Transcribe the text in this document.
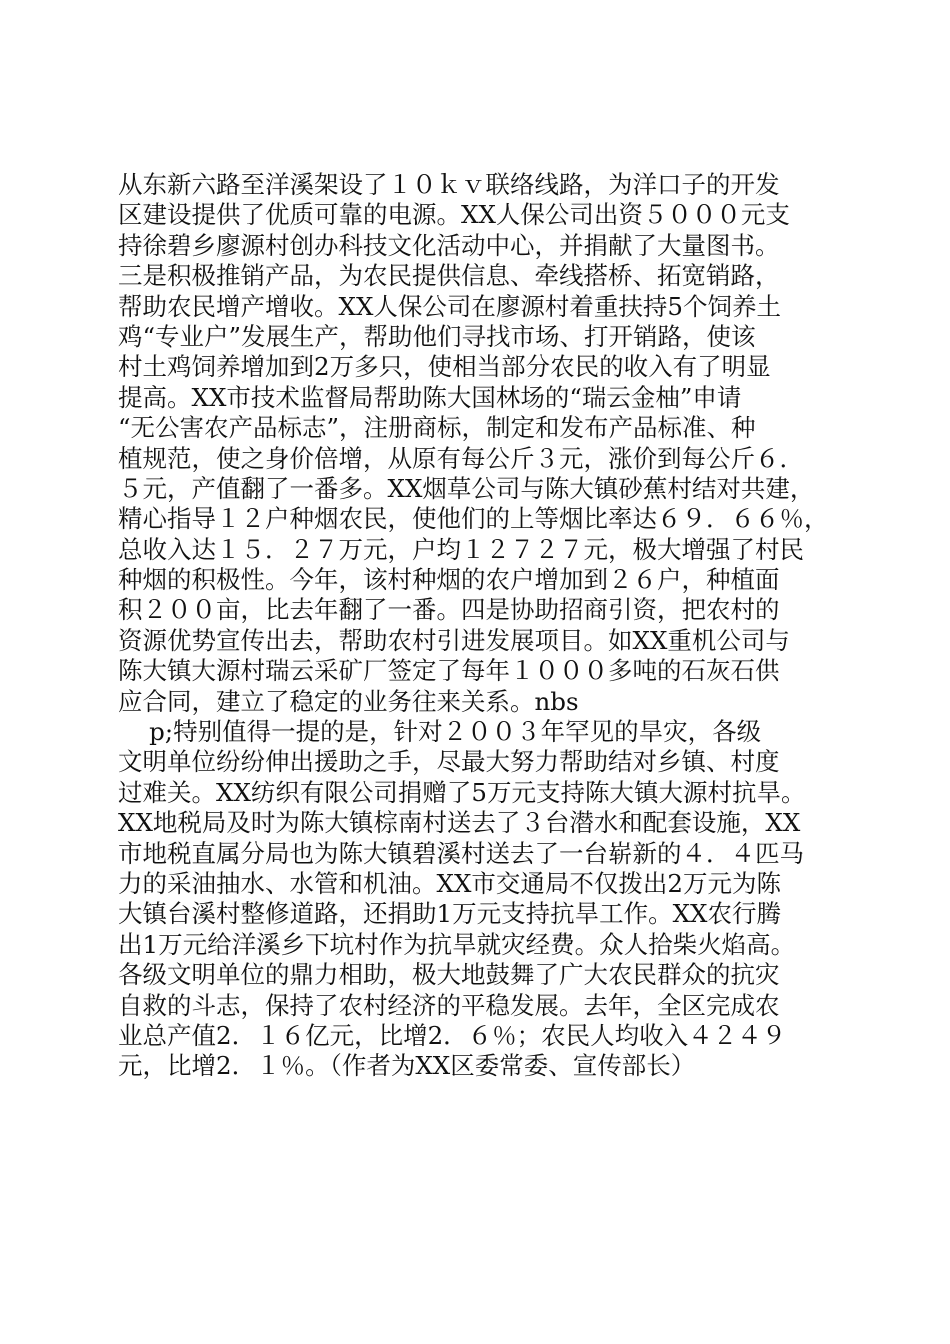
从东新六路至洋溪架设了１０ｋｖ联络线路，为洋口子的开发
区建设提供了优质可靠的电源。XX人保公司出资５０００元支
持徐碧乡廖源村创办科技文化活动中心，并捐献了大量图书。
三是积极推销产品，为农民提供信息、牵线搭桥、拓宽销路，
帮助农民增产增收。XX人保公司在廖源村着重扶持5个饲养土
鸡“专业户”发展生产，帮助他们寻找市场、打开销路，使该
村土鸡饲养增加到2万多只，使相当部分农民的收入有了明显
提高。XX市技术监督局帮助陈大国林场的“瑞云金柚”申请
“无公害农产品标志”，注册商标，制定和发布产品标准、种
植规范，使之身价倍增，从原有每公斤３元，涨价到每公斤６．
５元，产值翻了一番多。XX烟草公司与陈大镇砂蕉村结对共建，
精心指导１２户种烟农民，使他们的上等烟比率达６９．６６％，
总收入达１５．２７万元，户均１２７２７元，极大增强了村民
种烟的积极性。今年，该村种烟的农户增加到２６户，种植面
积２００亩，比去年翻了一番。四是协助招商引资，把农村的
资源优势宣传出去，帮助农村引进发展项目。如XX重机公司与
陈大镇大源村瑞云采矿厂签定了每年１０００多吨的石灰石供
应合同，建立了稳定的业务往来关系。nbs
p;特别值得一提的是，针对２００３年罕见的旱灾，各级
文明单位纷纷伸出援助之手，尽最大努力帮助结对乡镇、村度
过难关。XX纺织有限公司捐赠了5万元支持陈大镇大源村抗旱。
XX地税局及时为陈大镇棕南村送去了３台潜水和配套设施，XX
市地税直属分局也为陈大镇碧溪村送去了一台崭新的４．４匹马
力的采油抽水、水管和机油。XX市交通局不仅拨出2万元为陈
大镇台溪村整修道路，还捐助1万元支持抗旱工作。XX农行腾
出1万元给洋溪乡下坑村作为抗旱就灾经费。众人拾柴火焰高。
各级文明单位的鼎力相助，极大地鼓舞了广大农民群众的抗灾
自救的斗志，保持了农村经济的平稳发展。去年，全区完成农
业总产值2．１６亿元，比增2．６％；农民人均收入４２４９
元，比增2．１％。（作者为XX区委常委、宣传部长）
